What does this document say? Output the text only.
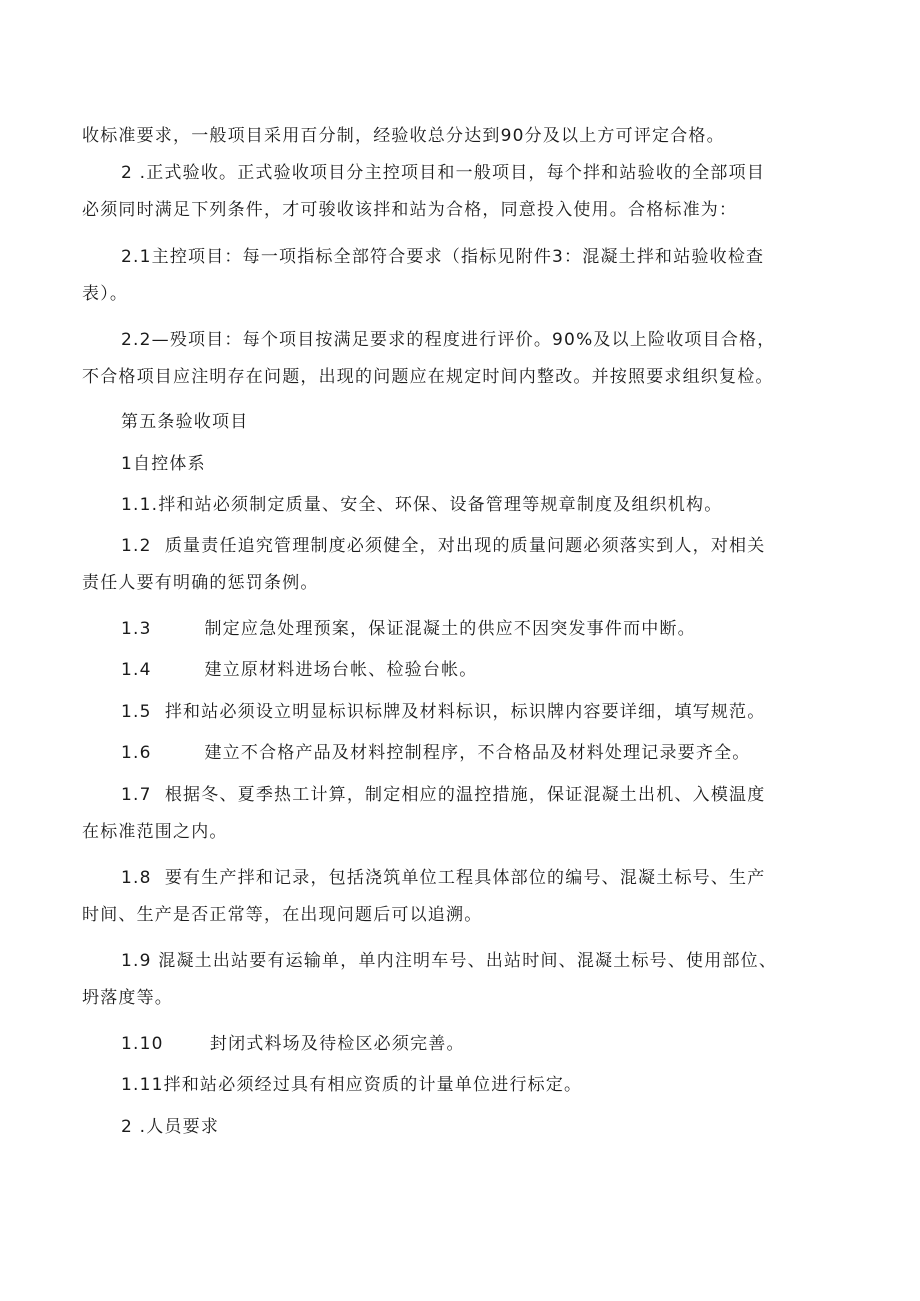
收标准要求，一般项目采用百分制，经验收总分达到90分及以上方可评定合格。
2 .正式验收。正式验收项目分主控项目和一般项目，每个拌和站验收的全部项目
必须同时满足下列条件，才可骏收该拌和站为合格，同意投入使用。合格标准为：
2.1主控项目：每一项指标全部符合要求（指标见附件3：混凝土拌和站验收检查
表）。
2.2—殁项目：每个项目按满足要求的程度进行评价。90%及以上险收项目合格，
不合格项目应注明存在问题，出现的问题应在规定时间内整改。并按照要求组织复检。
第五条验收项目
1自控体系
1.1.拌和站必须制定质量、安全、环保、设备管理等规章制度及组织机构。
1.2  质量责任追究管理制度必须健全，对出现的质量问题必须落实到人，对相关
责任人要有明确的惩罚条例。
1.3        制定应急处理预案，保证混凝土的供应不因突发事件而中断。
1.4        建立原材料进场台帐、检验台帐。
1.5  拌和站必须设立明显标识标牌及材料标识，标识牌内容要详细，填写规范。
1.6        建立不合格产品及材料控制程序，不合格品及材料处理记录要齐全。
1.7  根据冬、夏季热工计算，制定相应的温控措施，保证混凝土出机、入模温度
在标准范围之内。
1.8  要有生产拌和记录，包括浇筑单位工程具体部位的编号、混凝土标号、生产
时间、生产是否正常等，在出现问题后可以追溯。
1.9 混凝土出站要有运输单，单内注明车号、出站时间、混凝土标号、使用部位、
坍落度等。
1.10       封闭式料场及待检区必须完善。
1.11拌和站必须经过具有相应资质的计量单位进行标定。
2 .人员要求
